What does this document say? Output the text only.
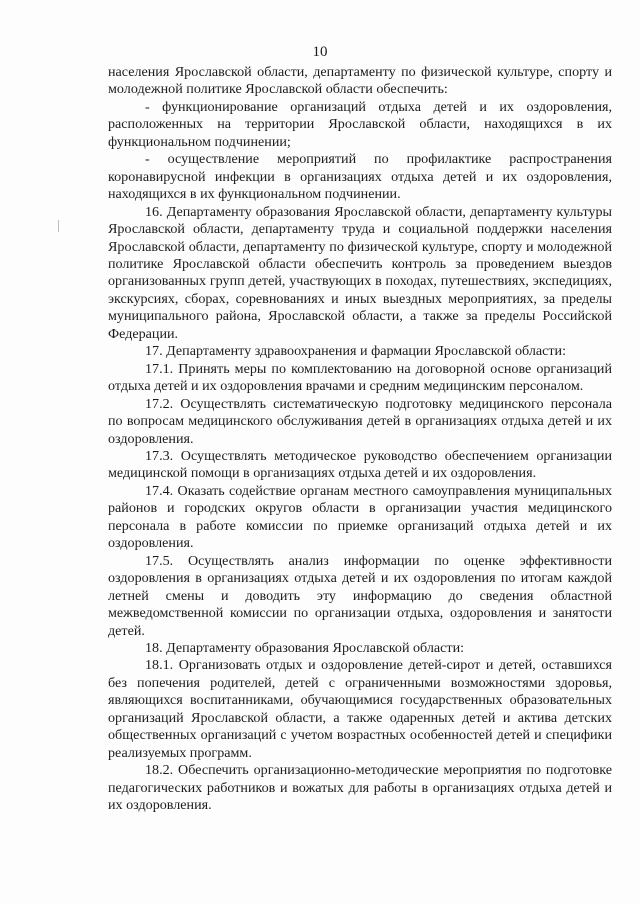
10

населения Ярославской области, департаменту по физической культуре, спорту и молодежной политике Ярославской области обеспечить:

- функционирование организаций отдыха детей и их оздоровления, расположенных на территории Ярославской области, находящихся в их функциональном подчинении;

- осуществление мероприятий по профилактике распространения коронавирусной инфекции в организациях отдыха детей и их оздоровления, находящихся в их функциональном подчинении.

16. Департаменту образования Ярославской области, департаменту культуры Ярославской области, департаменту труда и социальной поддержки населения Ярославской области, департаменту по физической культуре, спорту и молодежной политике Ярославской области обеспечить контроль за проведением выездов организованных групп детей, участвующих в походах, путешествиях, экспедициях, экскурсиях, сборах, соревнованиях и иных выездных мероприятиях, за пределы муниципального района, Ярославской области, а также за пределы Российской Федерации.

17. Департаменту здравоохранения и фармации Ярославской области:

17.1. Принять меры по комплектованию на договорной основе организаций отдыха детей и их оздоровления врачами и средним медицинским персоналом.

17.2. Осуществлять систематическую подготовку медицинского персонала по вопросам медицинского обслуживания детей в организациях отдыха детей и их оздоровления.

17.3. Осуществлять методическое руководство обеспечением организации медицинской помощи в организациях отдыха детей и их оздоровления.

17.4. Оказать содействие органам местного самоуправления муниципальных районов и городских округов области в организации участия медицинского персонала в работе комиссии по приемке организаций отдыха детей и их оздоровления.

17.5. Осуществлять анализ информации по оценке эффективности оздоровления в организациях отдыха детей и их оздоровления по итогам каждой летней смены и доводить эту информацию до сведения областной межведомственной комиссии по организации отдыха, оздоровления и занятости детей.

18. Департаменту образования Ярославской области:

18.1. Организовать отдых и оздоровление детей-сирот и детей, оставшихся без попечения родителей, детей с ограниченными возможностями здоровья, являющихся воспитанниками, обучающимися государственных образовательных организаций Ярославской области, а также одаренных детей и актива детских общественных организаций с учетом возрастных особенностей детей и специфики реализуемых программ.

18.2. Обеспечить организационно-методические мероприятия по подготовке педагогических работников и вожатых для работы в организациях отдыха детей и их оздоровления.
